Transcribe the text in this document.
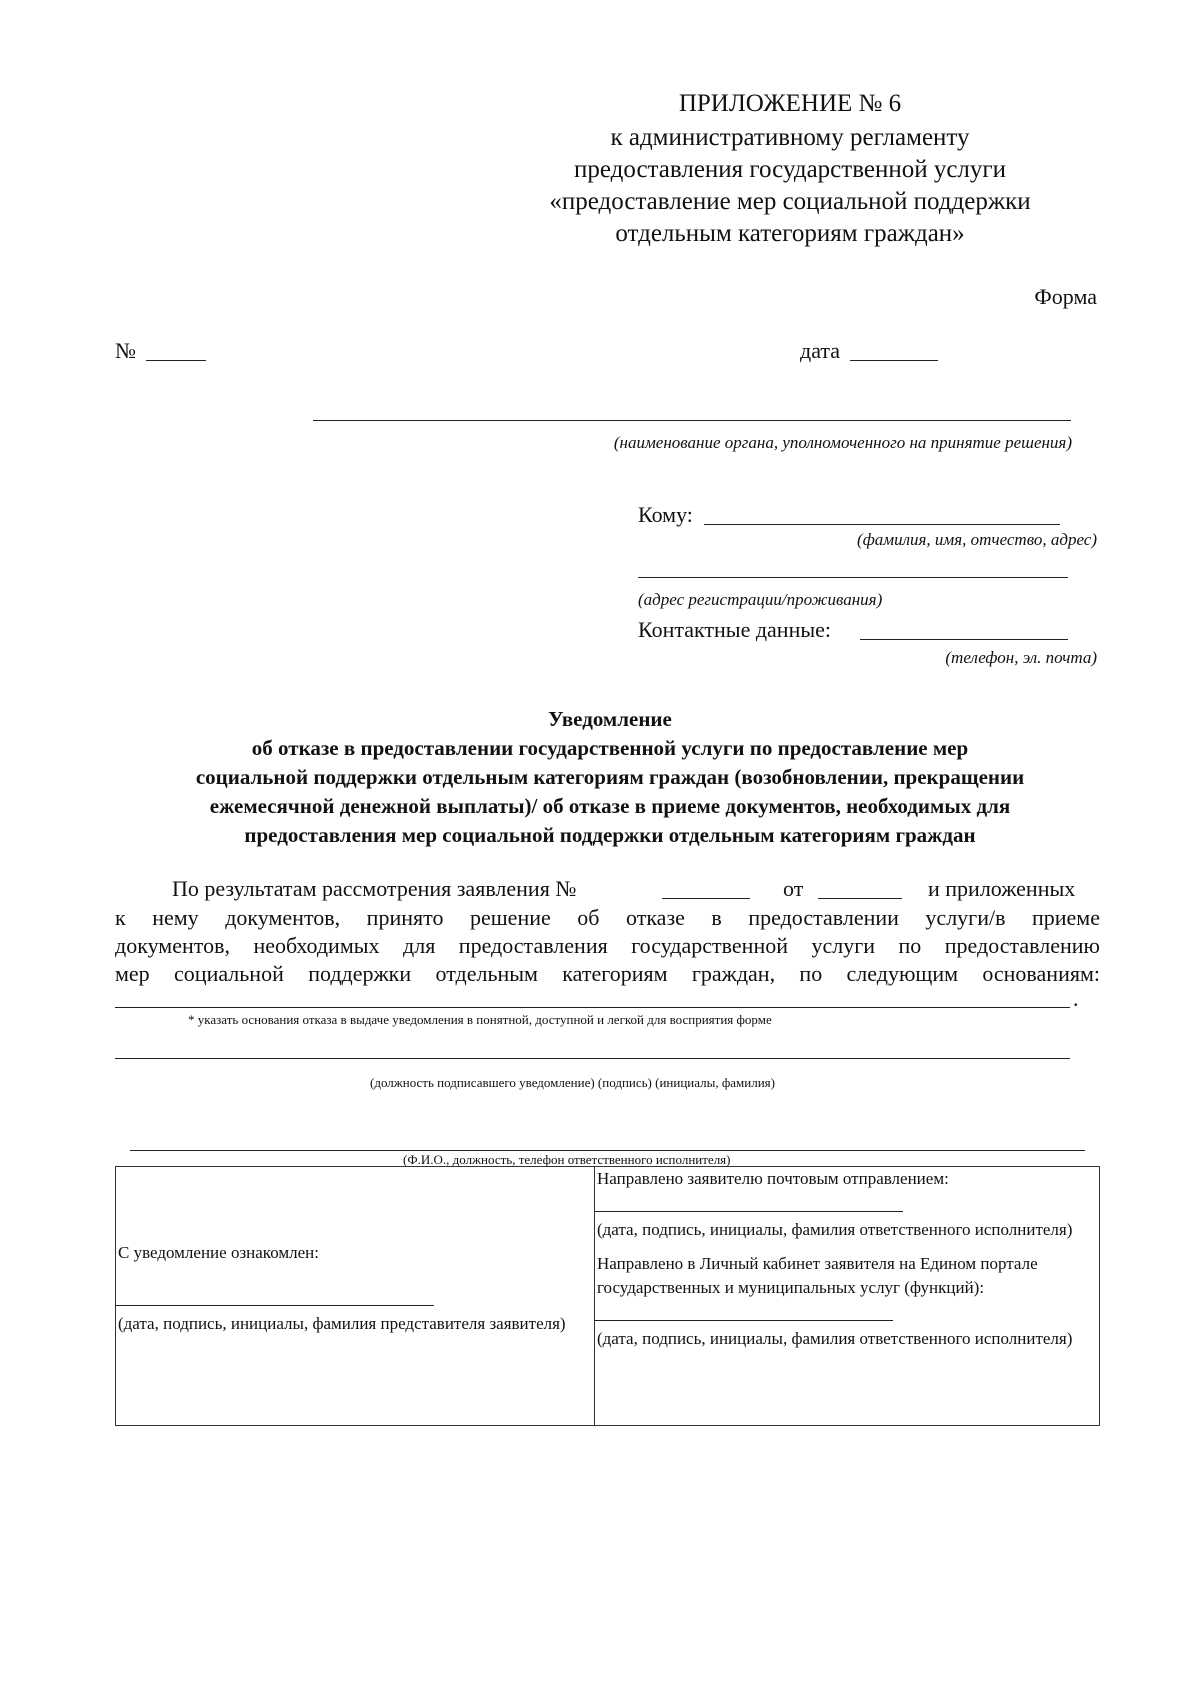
ПРИЛОЖЕНИЕ № 6
к административному регламенту
предоставления государственной услуги
«предоставление мер социальной поддержки
отдельным категориям граждан»
Форма
№	дата
(наименование органа, уполномоченного на принятие решения)
Кому:
(фамилия, имя, отчество, адрес)
(адрес регистрации/проживания)
Контактные данные:
(телефон, эл. почта)
Уведомление
об отказе в предоставлении государственной услуги по предоставление мер
социальной поддержки отдельным категориям граждан (возобновлении, прекращении
ежемесячной денежной выплаты)/ об отказе в приеме документов, необходимых для
предоставления мер социальной поддержки отдельным категориям граждан
По результатам рассмотрения заявления №	от	и приложенных
к нему документов, принято решение об отказе в предоставлении услуги/в приеме
документов, необходимых для предоставления государственной услуги по предоставлению
мер социальной поддержки отдельным категориям граждан, по следующим основаниям:
.
* указать основания отказа в выдаче уведомления в понятной, доступной и легкой для восприятия форме
(должность подписавшего уведомление) (подпись) (инициалы, фамилия)
(Ф.И.О., должность, телефон ответственного исполнителя)
С уведомление ознакомлен:
(дата, подпись, инициалы, фамилия представителя заявителя)

Направлено заявителю почтовым отправлением:
(дата, подпись, инициалы, фамилия ответственного исполнителя)
Направлено в Личный кабинет заявителя на Едином портале государственных и муниципальных услуг (функций):
(дата, подпись, инициалы, фамилия ответственного исполнителя)
